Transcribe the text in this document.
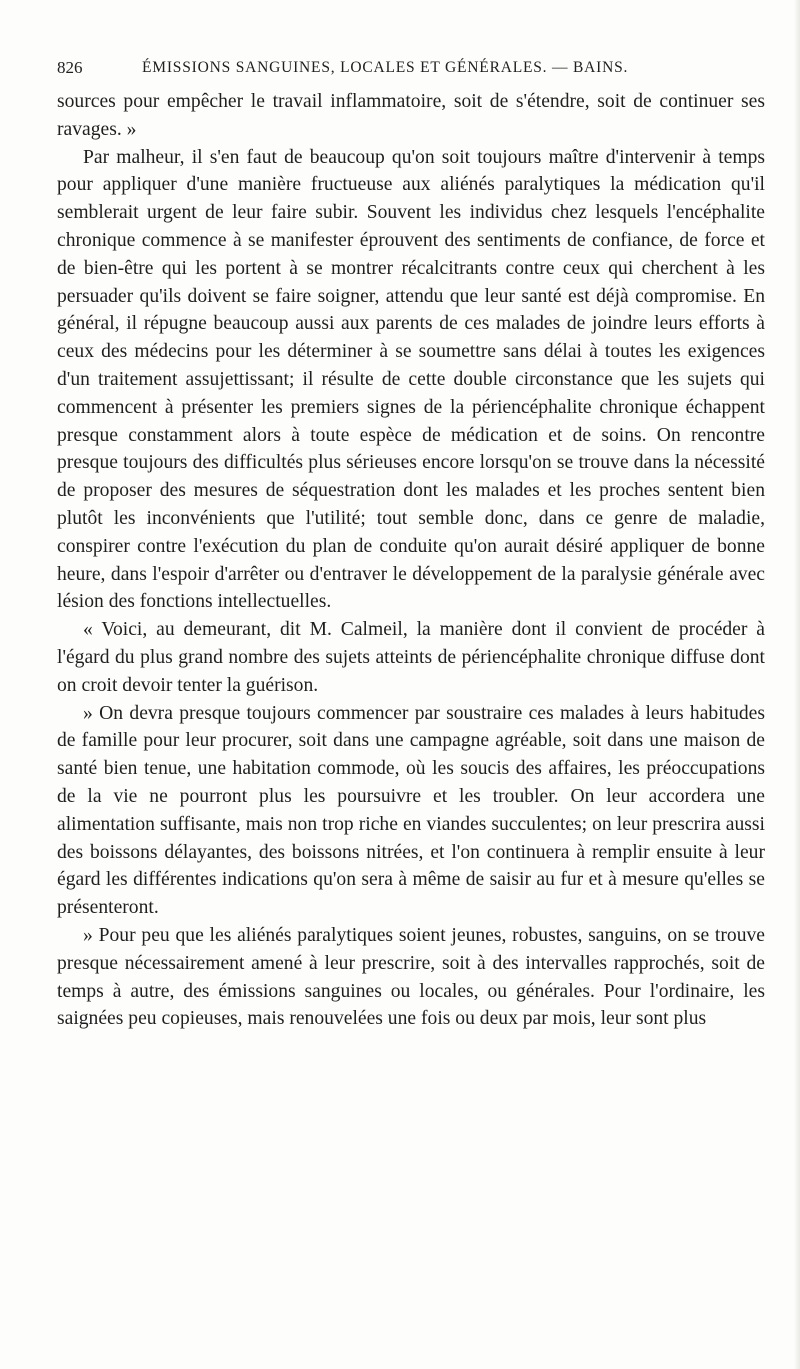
826	ÉMISSIONS SANGUINES, LOCALES ET GÉNÉRALES. — BAINS.

sources pour empêcher le travail inflammatoire, soit de s'étendre, soit de continuer ses ravages. »

Par malheur, il s'en faut de beaucoup qu'on soit toujours maître d'intervenir à temps pour appliquer d'une manière fructueuse aux aliénés paralytiques la médication qu'il semblerait urgent de leur faire subir. Souvent les individus chez lesquels l'encéphalite chronique commence à se manifester éprouvent des sentiments de confiance, de force et de bien-être qui les portent à se montrer récalcitrants contre ceux qui cherchent à les persuader qu'ils doivent se faire soigner, attendu que leur santé est déjà compromise. En général, il répugne beaucoup aussi aux parents de ces malades de joindre leurs efforts à ceux des médecins pour les déterminer à se soumettre sans délai à toutes les exigences d'un traitement assujettissant; il résulte de cette double circonstance que les sujets qui commencent à présenter les premiers signes de la périencéphalite chronique échappent presque constamment alors à toute espèce de médication et de soins. On rencontre presque toujours des difficultés plus sérieuses encore lorsqu'on se trouve dans la nécessité de proposer des mesures de séquestration dont les malades et les proches sentent bien plutôt les inconvénients que l'utilité; tout semble donc, dans ce genre de maladie, conspirer contre l'exécution du plan de conduite qu'on aurait désiré appliquer de bonne heure, dans l'espoir d'arrêter ou d'entraver le développement de la paralysie générale avec lésion des fonctions intellectuelles.

« Voici, au demeurant, dit M. Calmeil, la manière dont il convient de procéder à l'égard du plus grand nombre des sujets atteints de périencéphalite chronique diffuse dont on croit devoir tenter la guérison.

» On devra presque toujours commencer par soustraire ces malades à leurs habitudes de famille pour leur procurer, soit dans une campagne agréable, soit dans une maison de santé bien tenue, une habitation commode, où les soucis des affaires, les préoccupations de la vie ne pourront plus les poursuivre et les troubler. On leur accordera une alimentation suffisante, mais non trop riche en viandes succulentes; on leur prescrira aussi des boissons délayantes, des boissons nitrées, et l'on continuera à remplir ensuite à leur égard les différentes indications qu'on sera à même de saisir au fur et à mesure qu'elles se présenteront.

» Pour peu que les aliénés paralytiques soient jeunes, robustes, sanguins, on se trouve presque nécessairement amené à leur prescrire, soit à des intervalles rapprochés, soit de temps à autre, des émissions sanguines ou locales, ou générales. Pour l'ordinaire, les saignées peu copieuses, mais renouvelées une fois ou deux par mois, leur sont plus
